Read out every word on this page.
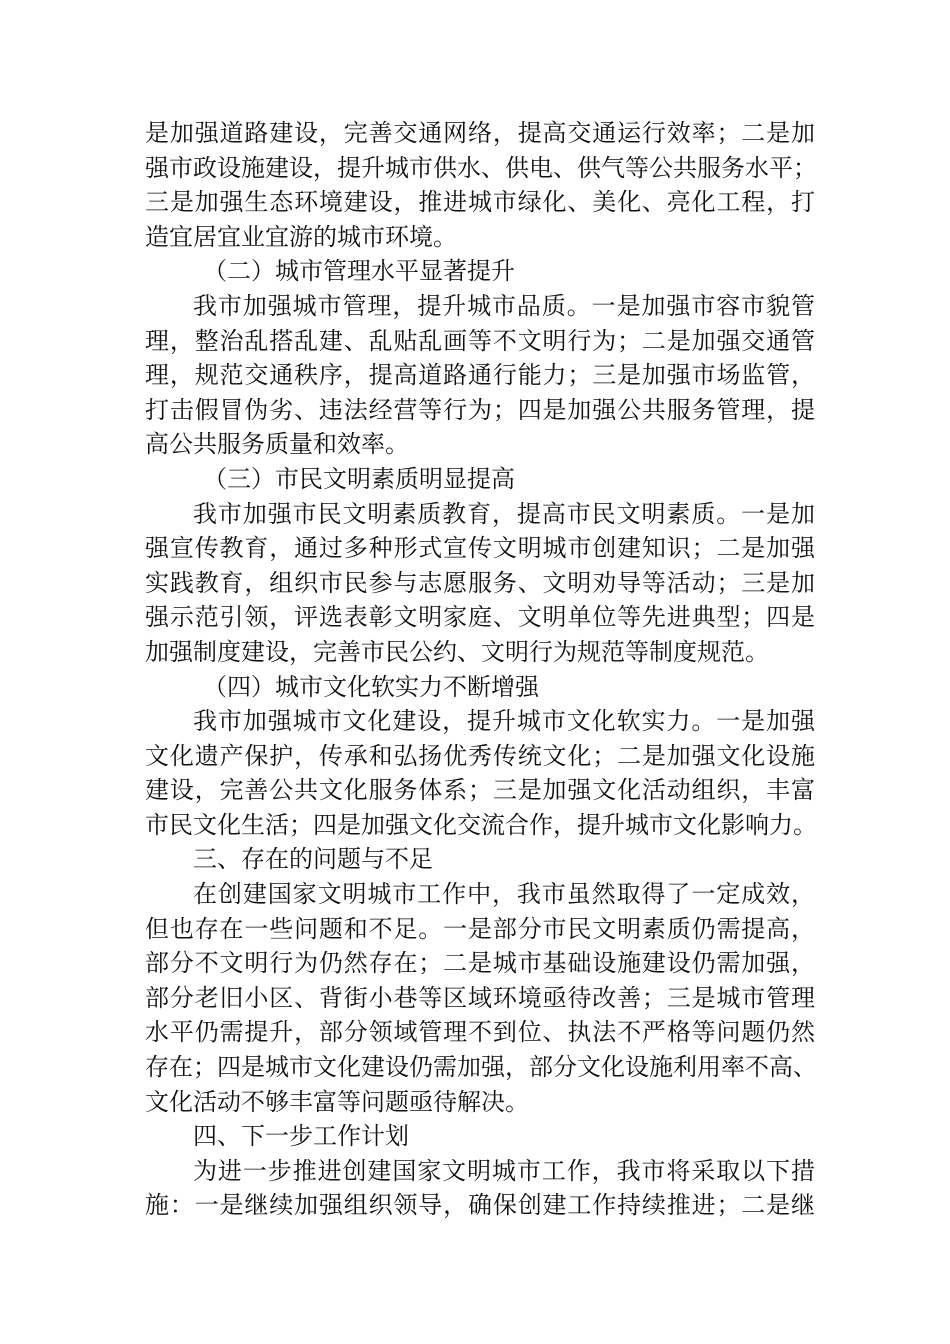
是加强道路建设，完善交通网络，提高交通运行效率；二是加
强市政设施建设，提升城市供水、供电、供气等公共服务水平；
三是加强生态环境建设，推进城市绿化、美化、亮化工程，打
造宜居宜业宜游的城市环境。
（二）城市管理水平显著提升
我市加强城市管理，提升城市品质。一是加强市容市貌管
理，整治乱搭乱建、乱贴乱画等不文明行为；二是加强交通管
理，规范交通秩序，提高道路通行能力；三是加强市场监管，
打击假冒伪劣、违法经营等行为；四是加强公共服务管理，提
高公共服务质量和效率。
（三）市民文明素质明显提高
我市加强市民文明素质教育，提高市民文明素质。一是加
强宣传教育，通过多种形式宣传文明城市创建知识；二是加强
实践教育，组织市民参与志愿服务、文明劝导等活动；三是加
强示范引领，评选表彰文明家庭、文明单位等先进典型；四是
加强制度建设，完善市民公约、文明行为规范等制度规范。
（四）城市文化软实力不断增强
我市加强城市文化建设，提升城市文化软实力。一是加强
文化遗产保护，传承和弘扬优秀传统文化；二是加强文化设施
建设，完善公共文化服务体系；三是加强文化活动组织，丰富
市民文化生活；四是加强文化交流合作，提升城市文化影响力。
三、存在的问题与不足
在创建国家文明城市工作中，我市虽然取得了一定成效，
但也存在一些问题和不足。一是部分市民文明素质仍需提高，
部分不文明行为仍然存在；二是城市基础设施建设仍需加强，
部分老旧小区、背街小巷等区域环境亟待改善；三是城市管理
水平仍需提升，部分领域管理不到位、执法不严格等问题仍然
存在；四是城市文化建设仍需加强，部分文化设施利用率不高、
文化活动不够丰富等问题亟待解决。
四、下一步工作计划
为进一步推进创建国家文明城市工作，我市将采取以下措
施：一是继续加强组织领导，确保创建工作持续推进；二是继
